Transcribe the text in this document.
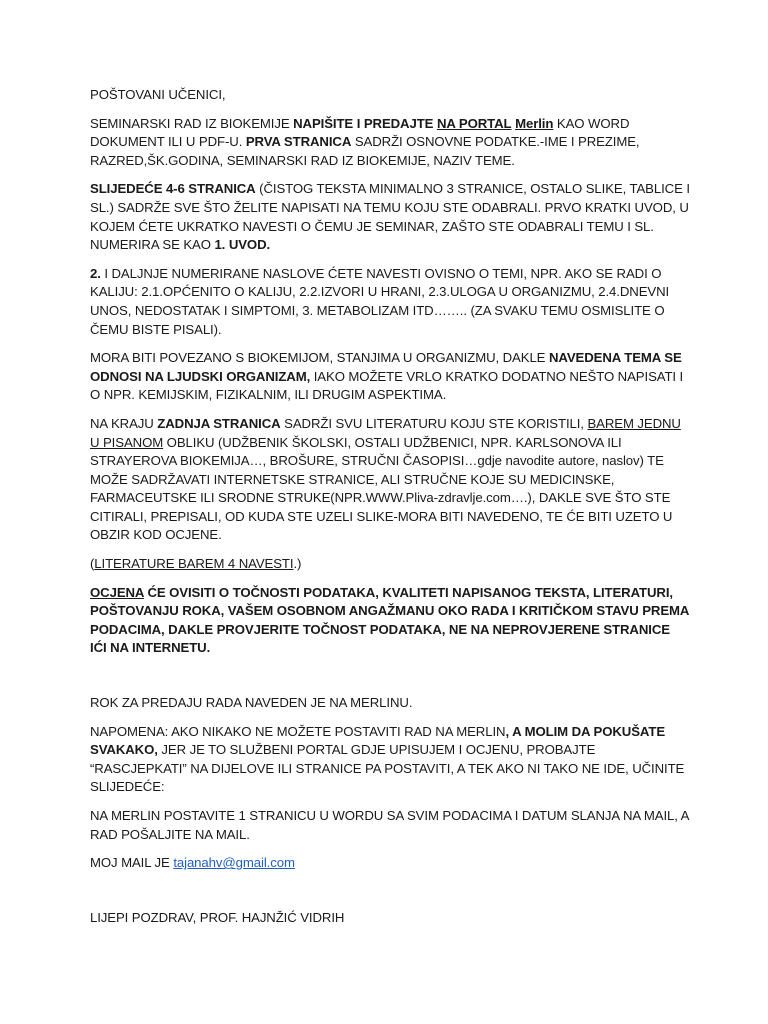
POŠTOVANI UČENICI,

SEMINARSKI RAD IZ BIOKEMIJE NAPIŠITE I PREDAJTE NA PORTAL Merlin KAO WORD DOKUMENT ILI U PDF-U. PRVA STRANICA SADRŽI OSNOVNE PODATKE.-IME I PREZIME, RAZRED,ŠK.GODINA, SEMINARSKI RAD IZ BIOKEMIJE, NAZIV TEME.

SLIJEDEĆE 4-6 STRANICA (ČISTOG TEKSTA MINIMALNO 3 STRANICE, OSTALO SLIKE, TABLICE I SL.) SADRŽE SVE ŠTO ŽELITE NAPISATI NA TEMU KOJU STE ODABRALI. PRVO KRATKI UVOD, U KOJEM ĆETE UKRATKO NAVESTI O ČEMU JE SEMINAR, ZAŠTO STE ODABRALI TEMU I SL. NUMERIRA SE KAO 1. UVOD.

2. I DALJNJE NUMERIRANE NASLOVE ĆETE NAVESTI OVISNO O TEMI, NPR. AKO SE RADI O KALIJU: 2.1.OPĆENITO O KALIJU, 2.2.IZVORI U HRANI, 2.3.ULOGA U ORGANIZMU, 2.4.DNEVNI UNOS, NEDOSTATAK I SIMPTOMI, 3. METABOLIZAM ITD…….. (ZA SVAKU TEMU OSMISLITE O ČEMU BISTE PISALI).

MORA BITI POVEZANO S BIOKEMIJOM, STANJIMA U ORGANIZMU, DAKLE NAVEDENA TEMA SE ODNOSI NA LJUDSKI ORGANIZAM, IAKO MOŽETE VRLO KRATKO DODATNO NEŠTO NAPISATI I O NPR. KEMIJSKIM, FIZIKALNIM, ILI DRUGIM ASPEKTIMA.

NA KRAJU ZADNJA STRANICA SADRŽI SVU LITERATURU KOJU STE KORISTILI, BAREM JEDNU U PISANOM OBLIKU (UDŽBENIK ŠKOLSKI, OSTALI UDŽBENICI, NPR. KARLSONOVA ILI STRAYEROVA BIOKEMIJA…, BROŠURE, STRUČNI ČASOPISI…gdje navodite autore, naslov) TE MOŽE SADRŽAVATI INTERNETSKE STRANICE, ALI STRUČNE KOJE SU MEDICINSKE, FARMACEUTSKE ILI SRODNE STRUKE(NPR.WWW.Pliva-zdravlje.com….), DAKLE SVE ŠTO STE CITIRALI, PREPISALI, OD KUDA STE UZELI SLIKE-MORA BITI NAVEDENO, TE ĆE BITI UZETO U OBZIR KOD OCJENE.

(LITERATURE BAREM 4 NAVESTI.)

OCJENA ĆE OVISITI O TOČNOSTI PODATAKA, KVALITETI NAPISANOG TEKSTA, LITERATURI, POŠTOVANJU ROKA, VAŠEM OSOBNOM ANGAŽMANU OKO RADA I KRITIČKOM STAVU PREMA PODACIMA, DAKLE PROVJERITE TOČNOST PODATAKA, NE NA NEPROVJERENE STRANICE IĆI NA INTERNETU.

ROK ZA PREDAJU RADA NAVEDEN JE NA MERLINU.

NAPOMENA: AKO NIKAKO NE MOŽETE POSTAVITI RAD NA MERLIN, A MOLIM DA POKUŠATE SVAKAKO, JER JE TO SLUŽBENI PORTAL GDJE UPISUJEM I OCJENU, PROBAJTE “RASCJEPKATI” NA DIJELOVE ILI STRANICE PA POSTAVITI, A TEK AKO NI TAKO NE IDE, UČINITE SLIJEDEĆE:

NA MERLIN POSTAVITE 1 STRANICU U WORDU SA SVIM PODACIMA I DATUM SLANJA NA MAIL, A RAD POŠALJITE NA MAIL.

MOJ MAIL JE tajanahv@gmail.com

LIJEPI POZDRAV, PROF. HAJNŽIĆ VIDRIH
